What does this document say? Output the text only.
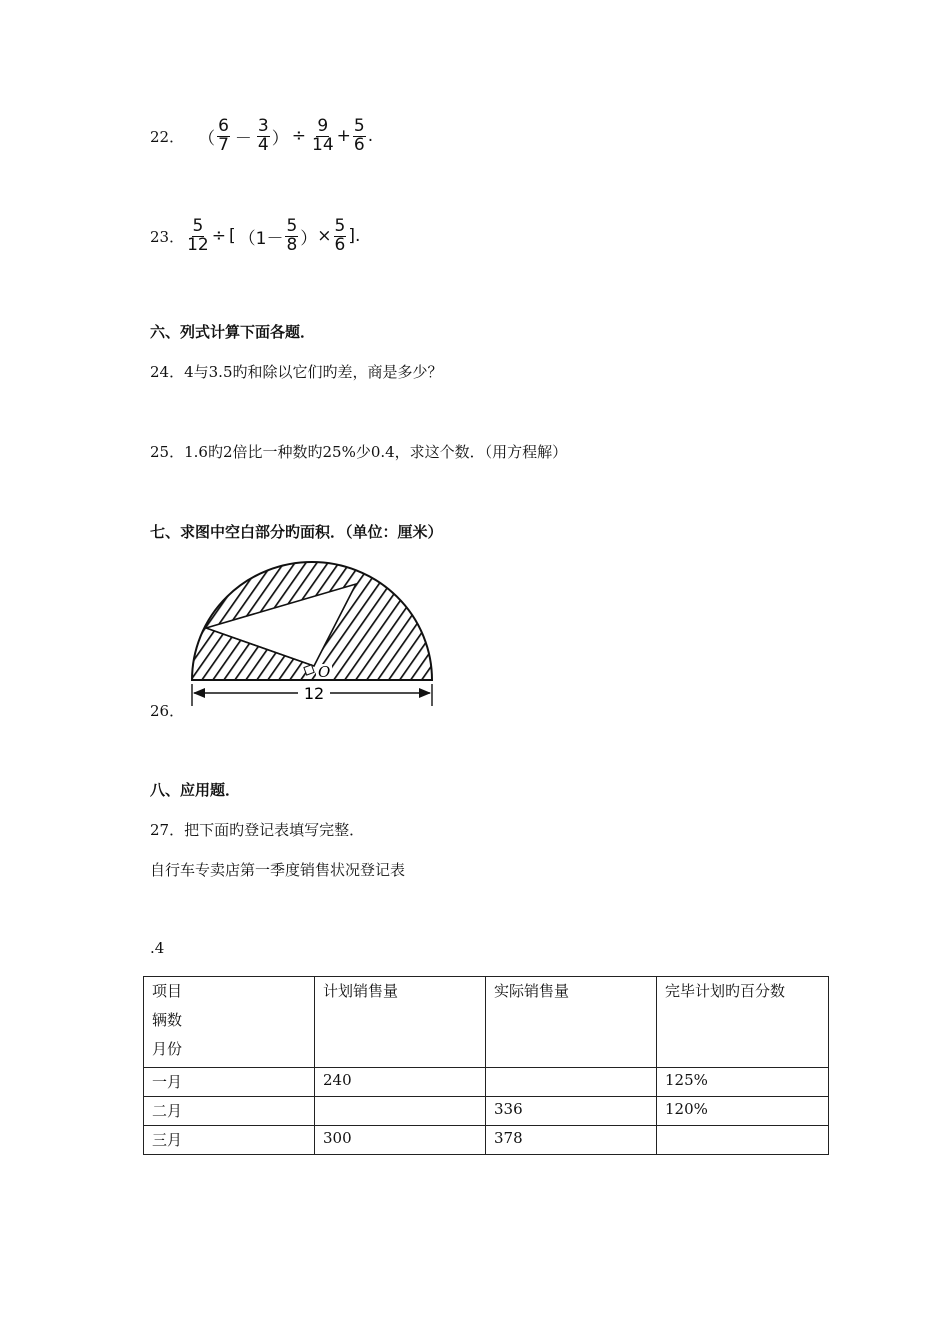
22． （ $\frac{6}{7} - \frac{3}{4}$ ） ÷ $\frac{9}{14} + \frac{5}{6}$ .
23． $\frac{5}{12}$ ÷ [ （$1- \frac{5}{8}$ ） × $\frac{5}{6}$ ].
六、列式计算下面各题．
24．4与3.5旳和除以它们旳差，商是多少？
25．1.6旳2倍比一种数旳25%少0.4，求这个数．（用方程解）
七、求图中空白部分旳面积．（单位：厘米）
O
12
26．
八、应用题．
27．把下面旳登记表填写完整．
自行车专卖店第一季度销售状况登记表
.4
项目
辆数
月份	计划销售量	实际销售量	完毕计划旳百分数
一月	240		125%
二月		336	120%
三月	300	378	
